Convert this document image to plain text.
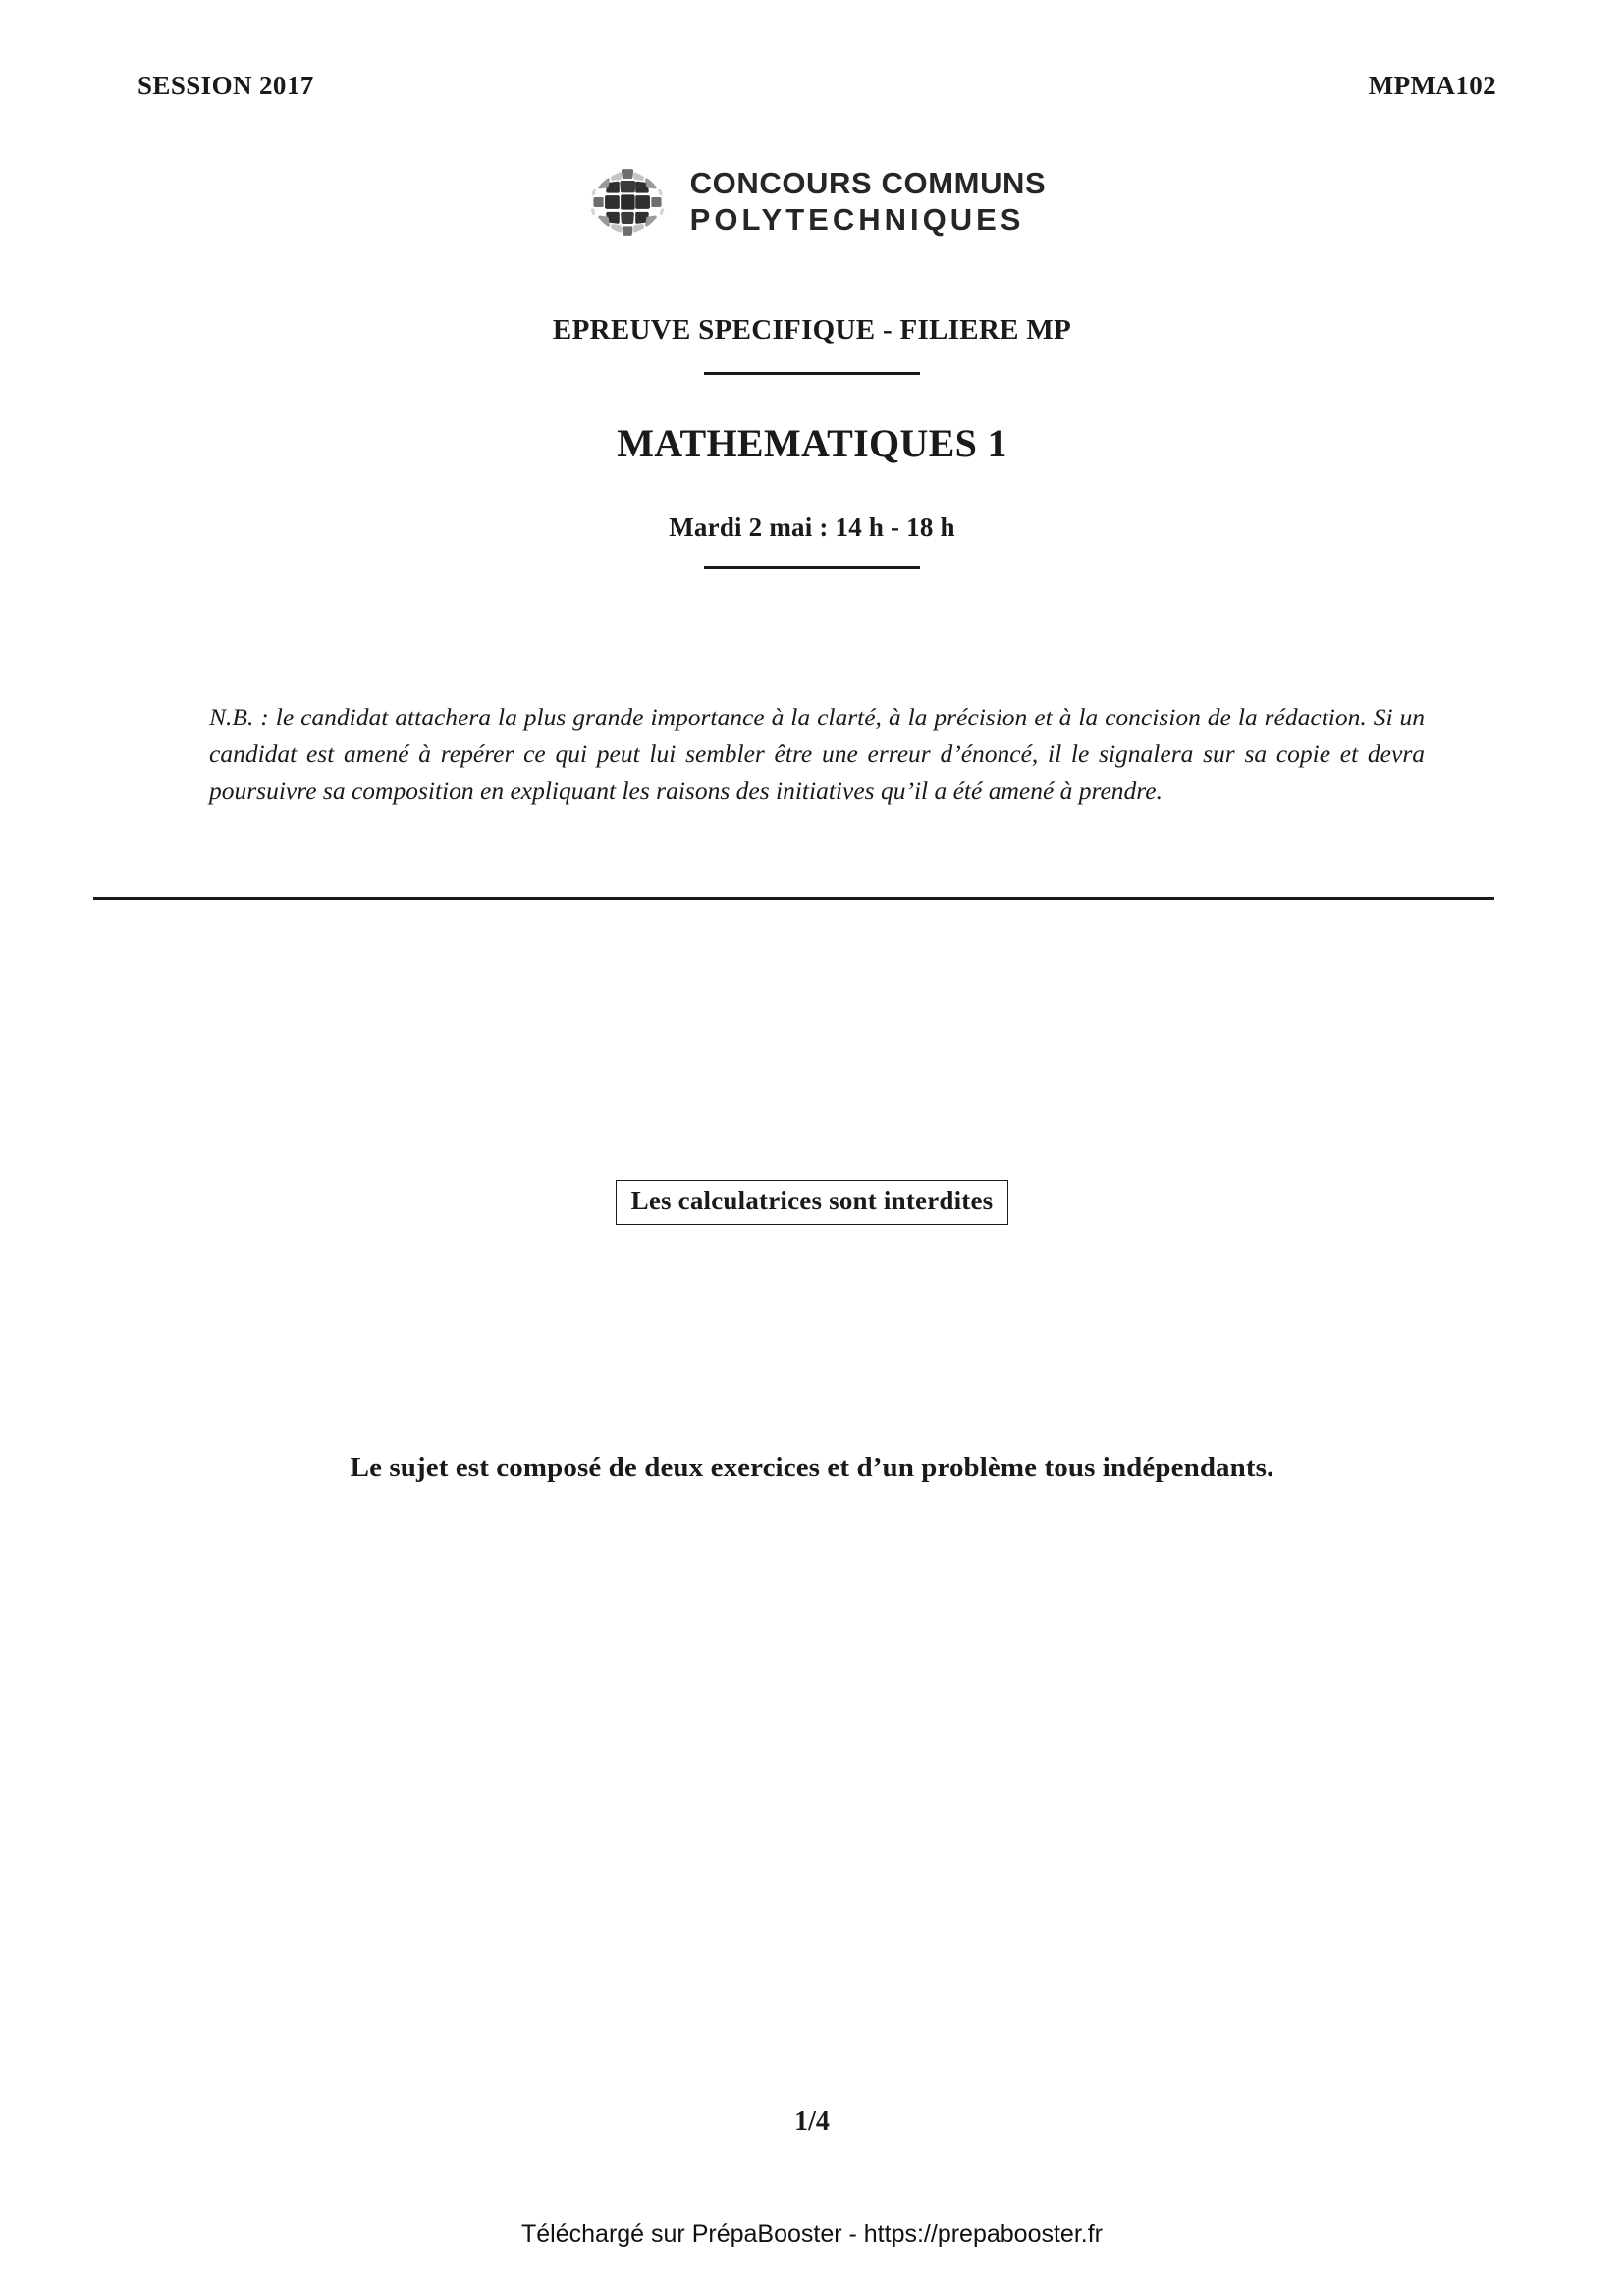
SESSION 2017	MPMA102
CONCOURS COMMUNS
POLYTECHNIQUES
EPREUVE SPECIFIQUE - FILIERE MP
MATHEMATIQUES 1
Mardi 2 mai : 14 h - 18 h
N.B. : le candidat attachera la plus grande importance à la clarté, à la précision et à la concision de la rédaction. Si un candidat est amené à repérer ce qui peut lui sembler être une erreur d’énoncé, il le signalera sur sa copie et devra poursuivre sa composition en expliquant les raisons des initiatives qu’il a été amené à prendre.
Les calculatrices sont interdites
Le sujet est composé de deux exercices et d’un problème tous indépendants.
1/4
Téléchargé sur PrépaBooster - https://prepabooster.fr
